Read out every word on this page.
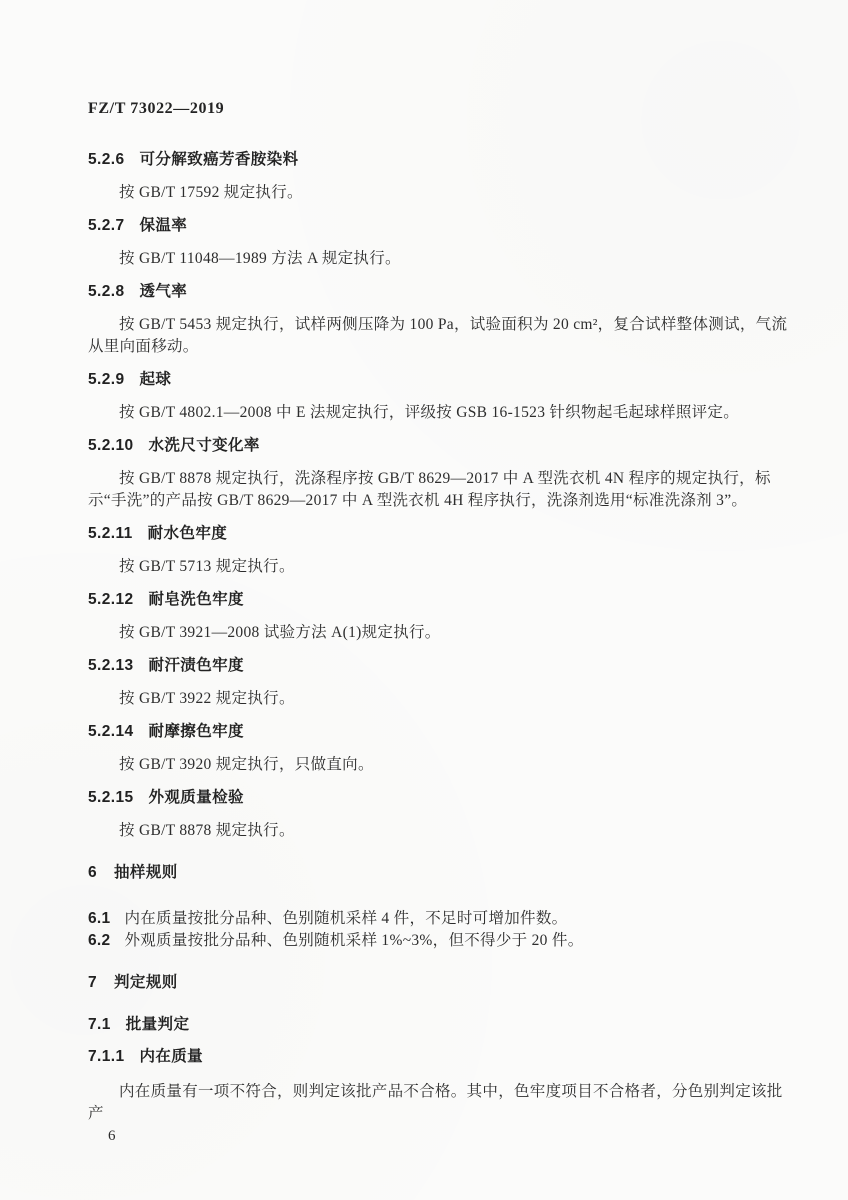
FZ/T 73022—2019
5.2.6 可分解致癌芳香胺染料

按 GB/T 17592 规定执行。

5.2.7 保温率

按 GB/T 11048—1989 方法 A 规定执行。

5.2.8 透气率

按 GB/T 5453 规定执行，试样两侧压降为 100 Pa，试验面积为 20 cm²，复合试样整体测试，气流从里向面移动。

5.2.9 起球

按 GB/T 4802.1—2008 中 E 法规定执行，评级按 GSB 16-1523 针织物起毛起球样照评定。

5.2.10 水洗尺寸变化率

按 GB/T 8878 规定执行，洗涤程序按 GB/T 8629—2017 中 A 型洗衣机 4N 程序的规定执行，标示“手洗”的产品按 GB/T 8629—2017 中 A 型洗衣机 4H 程序执行，洗涤剂选用“标准洗涤剂 3”。

5.2.11 耐水色牢度

按 GB/T 5713 规定执行。

5.2.12 耐皂洗色牢度

按 GB/T 3921—2008 试验方法 A(1)规定执行。

5.2.13 耐汗渍色牢度

按 GB/T 3922 规定执行。

5.2.14 耐摩擦色牢度

按 GB/T 3920 规定执行，只做直向。

5.2.15 外观质量检验

按 GB/T 8878 规定执行。

6 抽样规则
6.1 内在质量按批分品种、色别随机采样 4 件，不足时可增加件数。
6.2 外观质量按批分品种、色别随机采样 1%~3%，但不得少于 20 件。
7 判定规则
7.1 批量判定
7.1.1 内在质量

内在质量有一项不符合，则判定该批产品不合格。其中，色牢度项目不合格者，分色别判定该批产

6
